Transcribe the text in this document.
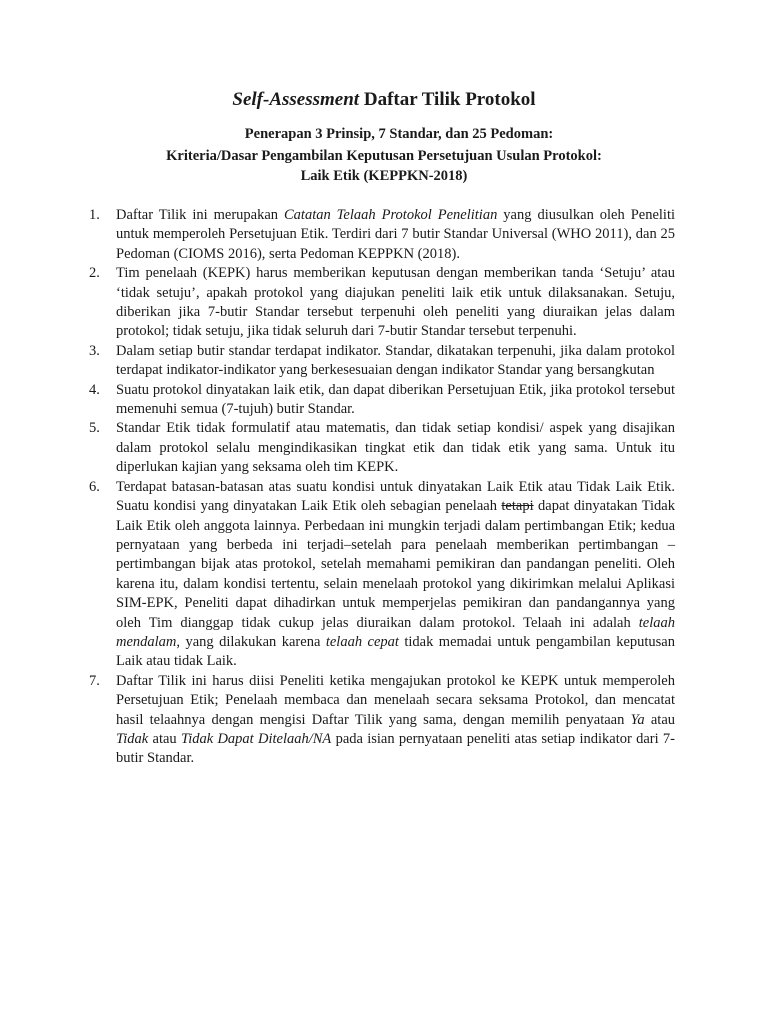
Self-Assessment Daftar Tilik Protokol
Penerapan 3 Prinsip, 7 Standar, dan 25 Pedoman:
Kriteria/Dasar Pengambilan Keputusan Persetujuan Usulan Protokol:
Laik Etik (KEPPKN-2018)
1. Daftar Tilik ini merupakan Catatan Telaah Protokol Penelitian yang diusulkan oleh Peneliti untuk memperoleh Persetujuan Etik. Terdiri dari 7 butir Standar Universal (WHO 2011), dan 25 Pedoman (CIOMS 2016), serta Pedoman KEPPKN (2018).
2. Tim penelaah (KEPK) harus memberikan keputusan dengan memberikan tanda ‘Setuju’ atau ‘tidak setuju’, apakah protokol yang diajukan peneliti laik etik untuk dilaksanakan. Setuju, diberikan jika 7-butir Standar tersebut terpenuhi oleh peneliti yang diuraikan jelas dalam protokol; tidak setuju, jika tidak seluruh dari 7-butir Standar tersebut terpenuhi.
3. Dalam setiap butir standar terdapat indikator. Standar, dikatakan terpenuhi, jika dalam protokol terdapat indikator-indikator yang berkesesuaian dengan indikator Standar yang bersangkutan
4. Suatu protokol dinyatakan laik etik, dan dapat diberikan Persetujuan Etik, jika protokol tersebut memenuhi semua (7-tujuh) butir Standar.
5. Standar Etik tidak formulatif atau matematis, dan tidak setiap kondisi/ aspek yang disajikan dalam protokol selalu mengindikasikan tingkat etik dan tidak etik yang sama. Untuk itu diperlukan kajian yang seksama oleh tim KEPK.
6. Terdapat batasan-batasan atas suatu kondisi untuk dinyatakan Laik Etik atau Tidak Laik Etik. Suatu kondisi yang dinyatakan Laik Etik oleh sebagian penelaah tetapi dapat dinyatakan Tidak Laik Etik oleh anggota lainnya. Perbedaan ini mungkin terjadi dalam pertimbangan Etik; kedua pernyataan yang berbeda ini terjadi‒setelah para penelaah memberikan pertimbangan ‒ pertimbangan bijak atas protokol, setelah memahami pemikiran dan pandangan peneliti. Oleh karena itu, dalam kondisi tertentu, selain menelaah protokol yang dikirimkan melalui Aplikasi SIM-EPK, Peneliti dapat dihadirkan untuk memperjelas pemikiran dan pandangannya yang oleh Tim dianggap tidak cukup jelas diuraikan dalam protokol. Telaah ini adalah telaah mendalam, yang dilakukan karena telaah cepat tidak memadai untuk pengambilan keputusan Laik atau tidak Laik.
7. Daftar Tilik ini harus diisi Peneliti ketika mengajukan protokol ke KEPK untuk memperoleh Persetujuan Etik; Penelaah membaca dan menelaah secara seksama Protokol, dan mencatat hasil telaahnya dengan mengisi Daftar Tilik yang sama, dengan memilih penyataan Ya atau Tidak atau Tidak Dapat Ditelaah/NA pada isian pernyataan peneliti atas setiap indikator dari 7-butir Standar.
